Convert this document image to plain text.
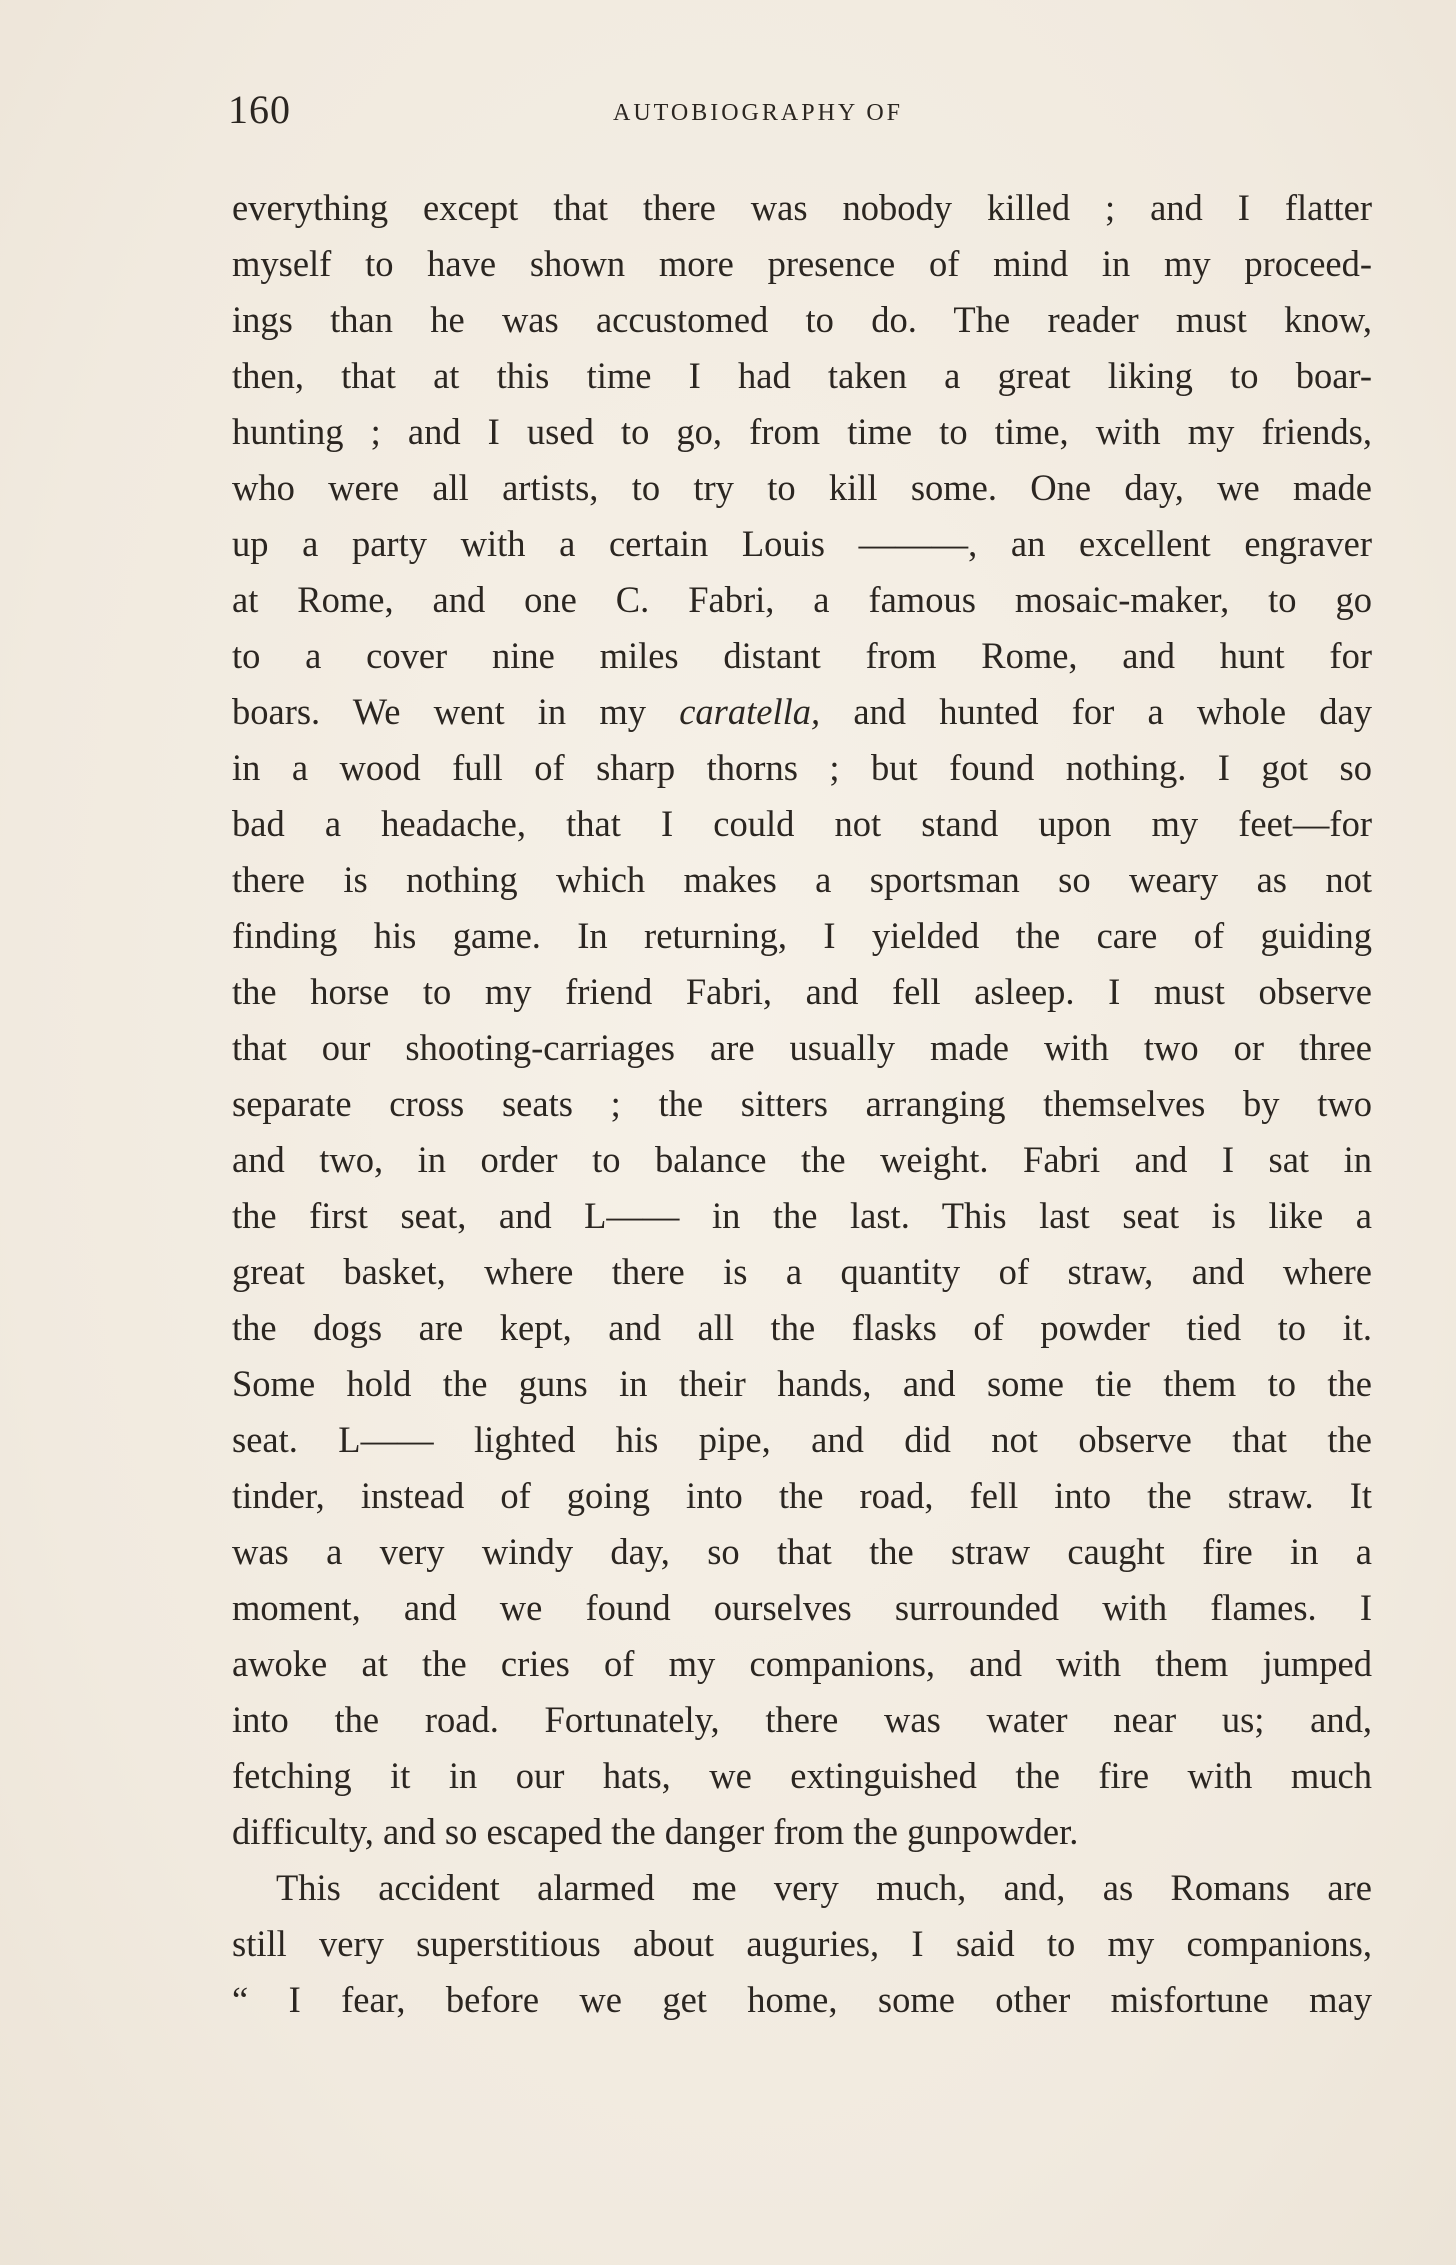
160	AUTOBIOGRAPHY OF

everything except that there was nobody killed ; and I flatter
myself to have shown more presence of mind in my proceed-
ings than he was accustomed to do. The reader must know,
then, that at this time I had taken a great liking to boar-
hunting ; and I used to go, from time to time, with my friends,
who were all artists, to try to kill some. One day, we made
up a party with a certain Louis ———, an excellent engraver
at Rome, and one C. Fabri, a famous mosaic-maker, to go
to a cover nine miles distant from Rome, and hunt for
boars. We went in my caratella, and hunted for a whole day
in a wood full of sharp thorns ; but found nothing. I got so
bad a headache, that I could not stand upon my feet—for
there is nothing which makes a sportsman so weary as not
finding his game. In returning, I yielded the care of guiding
the horse to my friend Fabri, and fell asleep. I must observe
that our shooting-carriages are usually made with two or three
separate cross seats ; the sitters arranging themselves by two
and two, in order to balance the weight. Fabri and I sat in
the first seat, and L—— in the last. This last seat is like a
great basket, where there is a quantity of straw, and where
the dogs are kept, and all the flasks of powder tied to it.
Some hold the guns in their hands, and some tie them to the
seat. L—— lighted his pipe, and did not observe that the
tinder, instead of going into the road, fell into the straw. It
was a very windy day, so that the straw caught fire in a
moment, and we found ourselves surrounded with flames. I
awoke at the cries of my companions, and with them jumped
into the road. Fortunately, there was water near us; and,
fetching it in our hats, we extinguished the fire with much
difficulty, and so escaped the danger from the gunpowder.

This accident alarmed me very much, and, as Romans are
still very superstitious about auguries, I said to my companions,
“ I fear, before we get home, some other misfortune may
